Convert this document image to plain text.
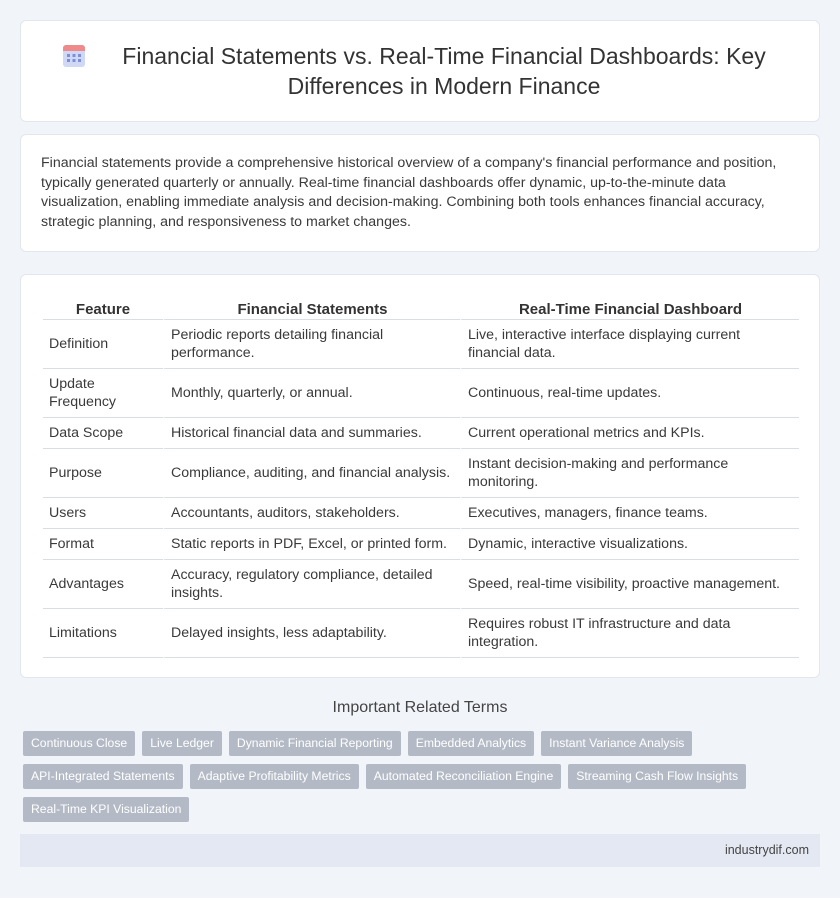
Financial Statements vs. Real-Time Financial Dashboards: Key Differences in Modern Finance

Financial statements provide a comprehensive historical overview of a company's financial performance and position, typically generated quarterly or annually. Real-time financial dashboards offer dynamic, up-to-the-minute data visualization, enabling immediate analysis and decision-making. Combining both tools enhances financial accuracy, strategic planning, and responsiveness to market changes.

Feature	Financial Statements	Real-Time Financial Dashboard
Definition	Periodic reports detailing financial performance.	Live, interactive interface displaying current financial data.
Update Frequency	Monthly, quarterly, or annual.	Continuous, real-time updates.
Data Scope	Historical financial data and summaries.	Current operational metrics and KPIs.
Purpose	Compliance, auditing, and financial analysis.	Instant decision-making and performance monitoring.
Users	Accountants, auditors, stakeholders.	Executives, managers, finance teams.
Format	Static reports in PDF, Excel, or printed form.	Dynamic, interactive visualizations.
Advantages	Accuracy, regulatory compliance, detailed insights.	Speed, real-time visibility, proactive management.
Limitations	Delayed insights, less adaptability.	Requires robust IT infrastructure and data integration.
Important Related Terms
Continuous Close	Live Ledger	Dynamic Financial Reporting	Embedded Analytics	Instant Variance Analysis
API-Integrated Statements	Adaptive Profitability Metrics	Automated Reconciliation Engine	Streaming Cash Flow Insights
Real-Time KPI Visualization
industrydif.com
